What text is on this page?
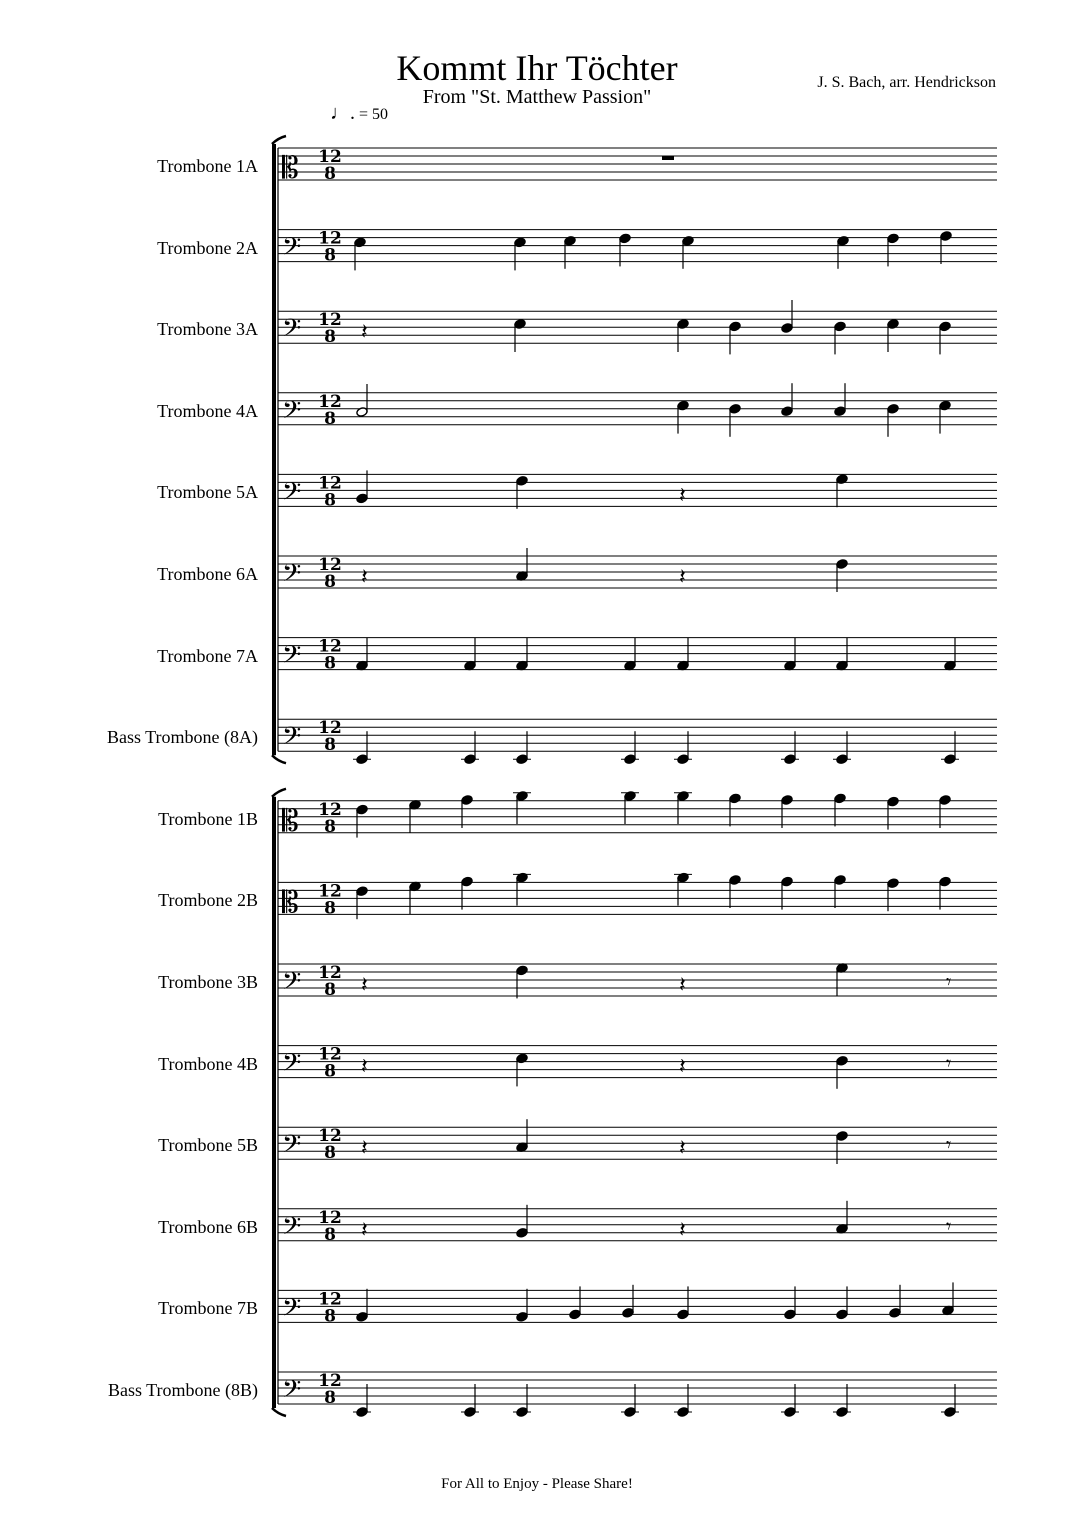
Kommt Ihr Töchter
From "St. Matthew Passion"
J. S. Bach, arr. Hendrickson
♩. = 50
Trombone 1A
Trombone 2A
Trombone 3A
Trombone 4A
Trombone 5A
Trombone 6A
Trombone 7A
Bass Trombone (8A)
Trombone 1B
Trombone 2B
Trombone 3B
Trombone 4B
Trombone 5B
Trombone 6B
Trombone 7B
Bass Trombone (8B)
𝄡 12
8
𝄢 12
8
𝄢 12
8 𝄽
𝄢 12
8
𝄢 12
8	𝄽
𝄢 12
8 𝄽	𝄽
𝄢 12
8
𝄢 12
8
𝄡 12
8
𝄡 12
8
𝄢 12
8 𝄽	𝄽	𝄾
𝄢 12
8 𝄽	𝄽	𝄾
𝄢 12
8 𝄽	𝄽	𝄾
𝄢 12
8 𝄽	𝄽	𝄾
𝄢 12
8
𝄢 12
8
For All to Enjoy - Please Share!
